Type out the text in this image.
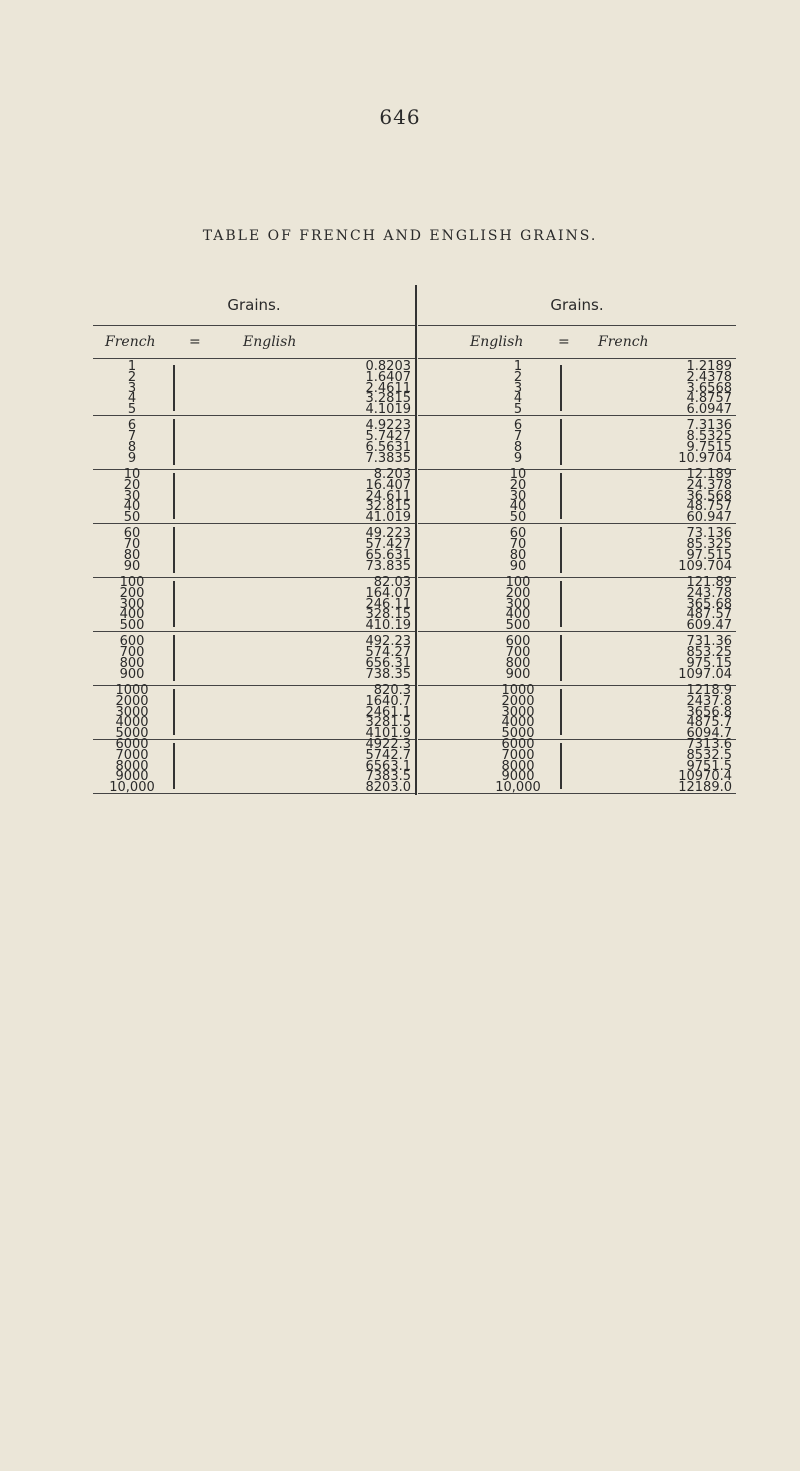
646
TABLE OF FRENCH AND ENGLISH GRAINS.
Grains.
French =	English
1	0.8203
2	1.6407
3	2.4611
4	3.2815
5	4.1019
6	4.9223
7	5.7427
8	6.5631
9	7.3835
10	8.203
20	16.407
30	24.611
40	32.815
50	41.019
60	49.223
70	57.427
80	65.631
90	73.835
100	82.03
200	164.07
300	246.11
400	328.15
500	410.19
600	492.23
700	574.27
800	656.31
900	738.35
1000	820.3
2000	1640.7
3000	2461.1
4000	3281.5
5000	4101.9
6000	4922.3
7000	5742.7
8000	6563.1
9000	7383.5
10,000	8203.0
Grains.
English = French
1	1.2189
2	2.4378
3	3.6568
4	4.8757
5	6.0947
6	7.3136
7	8.5325
8	9.7515
9	10.9704
10	12.189
20	24.378
30	36.568
40	48.757
50	60.947
60	73.136
70	85.325
80	97.515
90	109.704
100	121.89
200	243.78
300	365.68
400	487.57
500	609.47
600	731.36
700	853.25
800	975.15
900	1097.04
1000	1218.9
2000	2437.8
3000	3656.8
4000	4875.7
5000	6094.7
6000	7313.6
7000	8532.5
8000	9751.5
9000	10970.4
10,000	12189.0
